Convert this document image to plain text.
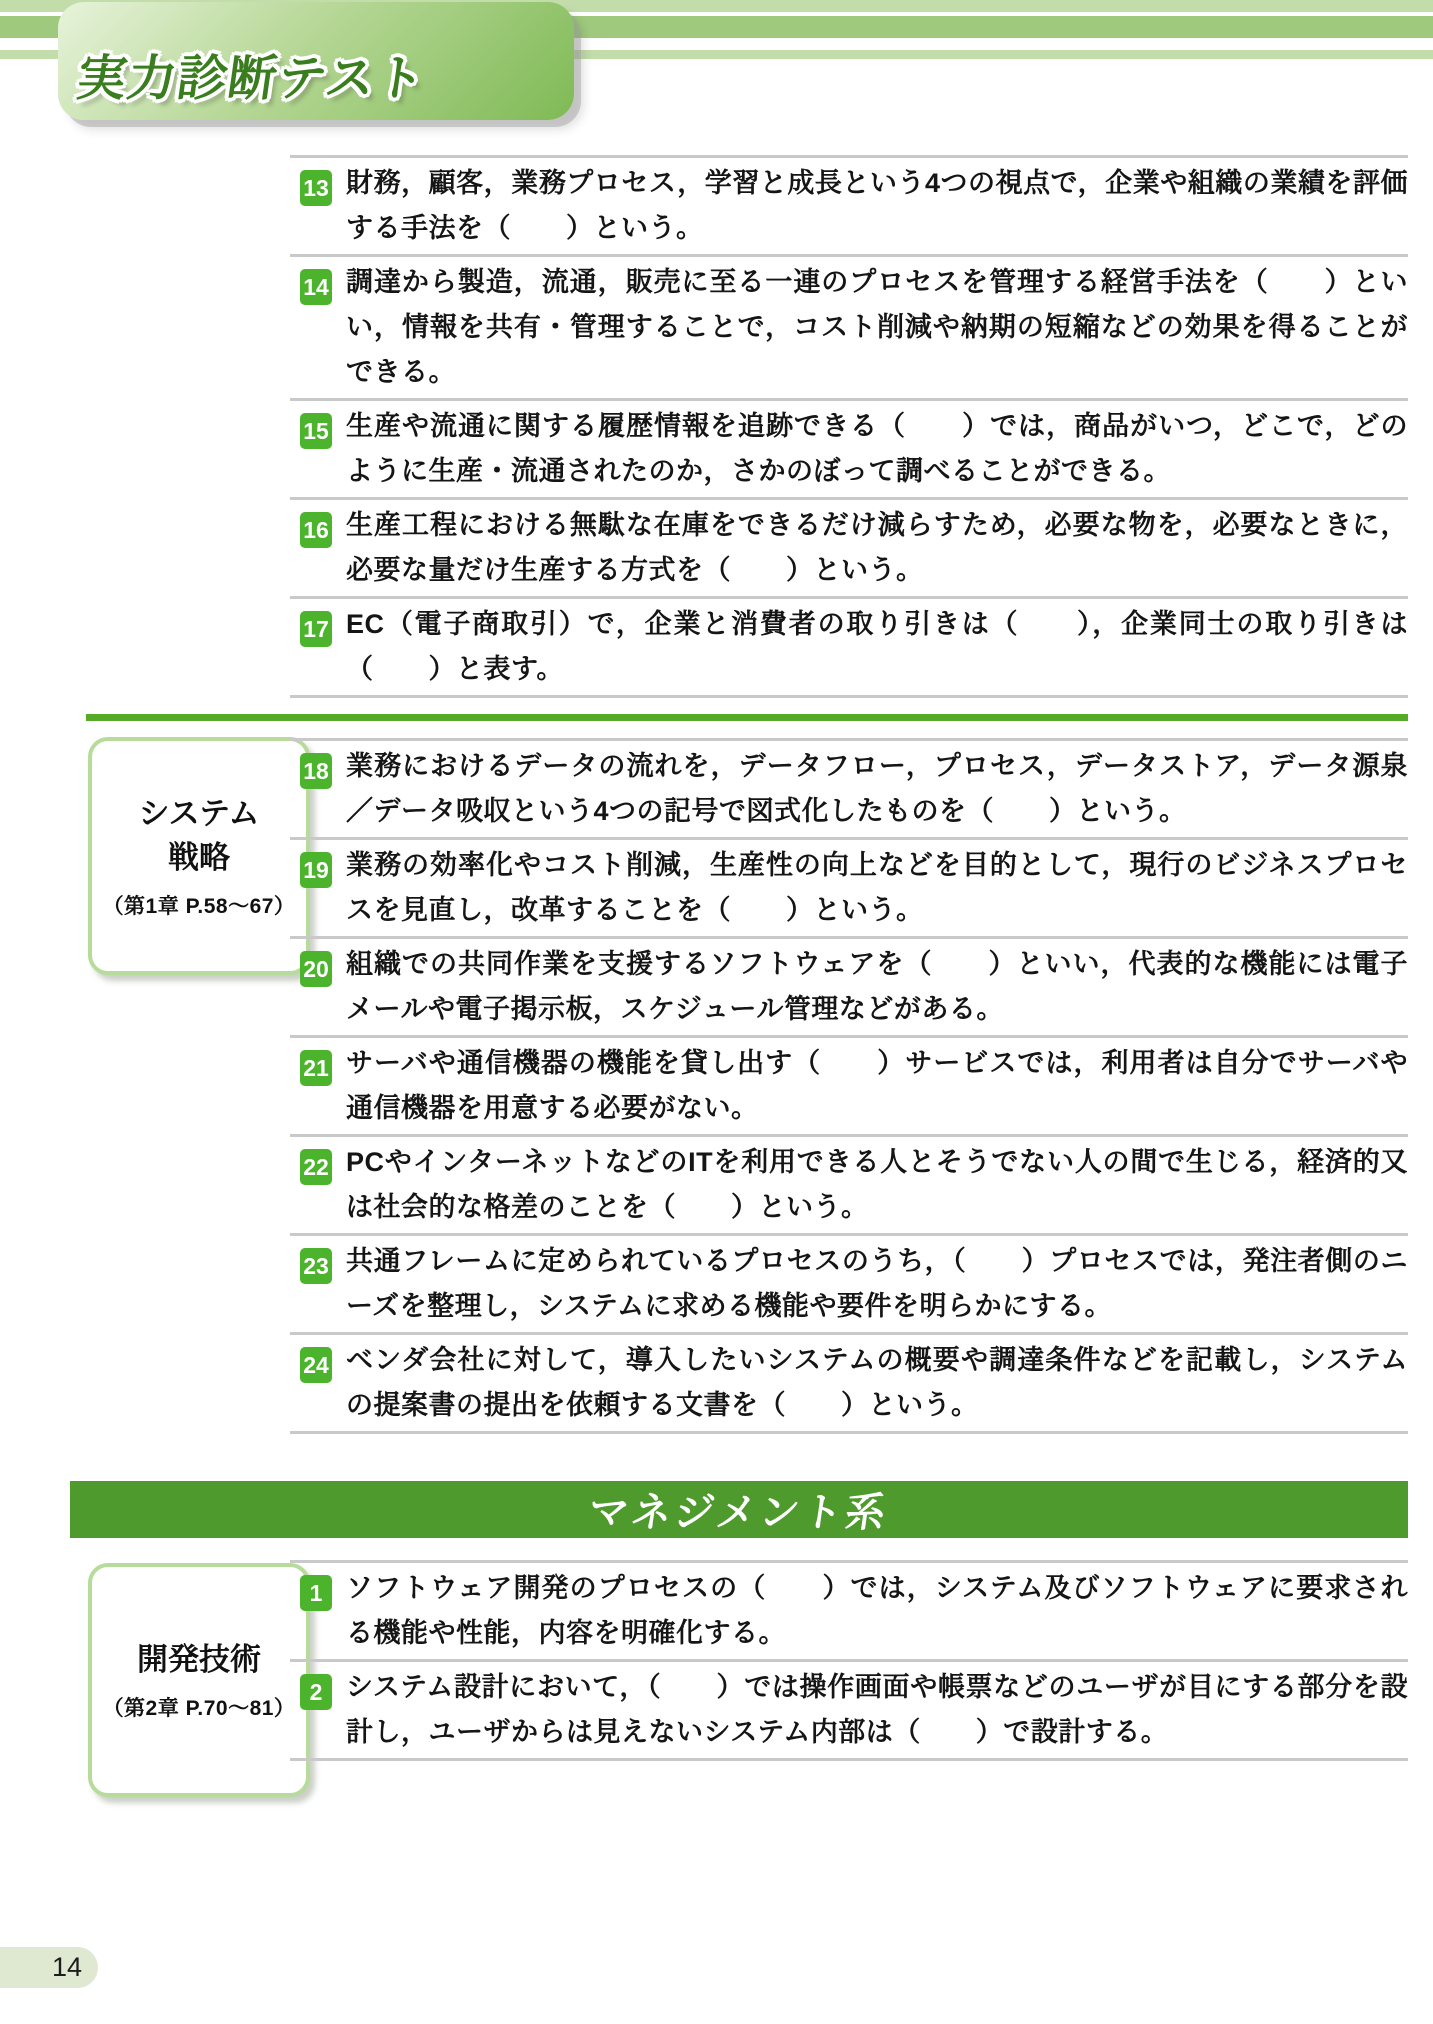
実力診断テスト
13 財務，顧客，業務プロセス，学習と成長という4つの視点で，企業や組織の業績を評価する手法を（　　）という。

14 調達から製造，流通，販売に至る一連のプロセスを管理する経営手法を（　　）といい，情報を共有・管理することで，コスト削減や納期の短縮などの効果を得ることができる。

15 生産や流通に関する履歴情報を追跡できる（　　）では，商品がいつ，どこで，どのように生産・流通されたのか，さかのぼって調べることができる。

16 生産工程における無駄な在庫をできるだけ減らすため，必要な物を，必要なときに，必要な量だけ生産する方式を（　　）という。

17 EC（電子商取引）で，企業と消費者の取り引きは（　　），企業同士の取り引きは（　　）と表す。

システム
戦略
（第1章 P.58～67）
18 業務におけるデータの流れを，データフロー，プロセス，データストア，データ源泉／データ吸収という4つの記号で図式化したものを（　　）という。

19 業務の効率化やコスト削減，生産性の向上などを目的として，現行のビジネスプロセスを見直し，改革することを（　　）という。

20 組織での共同作業を支援するソフトウェアを（　　）といい，代表的な機能には電子メールや電子掲示板，スケジュール管理などがある。

21 サーバや通信機器の機能を貸し出す（　　）サービスでは，利用者は自分でサーバや通信機器を用意する必要がない。

22 PCやインターネットなどのITを利用できる人とそうでない人の間で生じる，経済的又は社会的な格差のことを（　　）という。

23 共通フレームに定められているプロセスのうち，（　　）プロセスでは，発注者側のニーズを整理し，システムに求める機能や要件を明らかにする。

24 ベンダ会社に対して，導入したいシステムの概要や調達条件などを記載し，システムの提案書の提出を依頼する文書を（　　）という。

マネジメント系
開発技術
（第2章 P.70～81）
1 ソフトウェア開発のプロセスの（　　）では，システム及びソフトウェアに要求される機能や性能，内容を明確化する。

2 システム設計において，（　　）では操作画面や帳票などのユーザが目にする部分を設計し，ユーザからは見えないシステム内部は（　　）で設計する。

14
